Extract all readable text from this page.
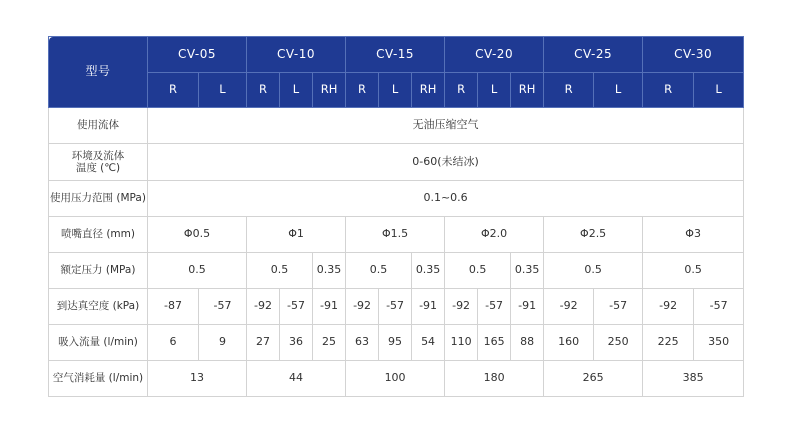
型号	CV-05		CV-10			CV-15			CV-20			CV-25		CV-30	
	R	L	R	L	RH	R	L	RH	R	L	RH	R	L	R	L
使用流体	无油压缩空气														
环境及流体
温度 (℃)	0-60(未结冰)														
使用压力范围 (MPa)	0.1~0.6														
喷嘴直径 (mm)	Φ0.5		Φ1			Φ1.5			Φ2.0			Φ2.5		Φ3	
额定压力 (MPa)	0.5		0.5		0.35	0.5		0.35	0.5		0.35	0.5		0.5	
到达真空度 (kPa)	-87	-57	-92	-57	-91	-92	-57	-91	-92	-57	-91	-92	-57	-92	-57
吸入流量 (l/min)	6	9	27	36	25	63	95	54	110	165	88	160	250	225	350
空气消耗量 (l/min)	13		44			100			180			265		385	
